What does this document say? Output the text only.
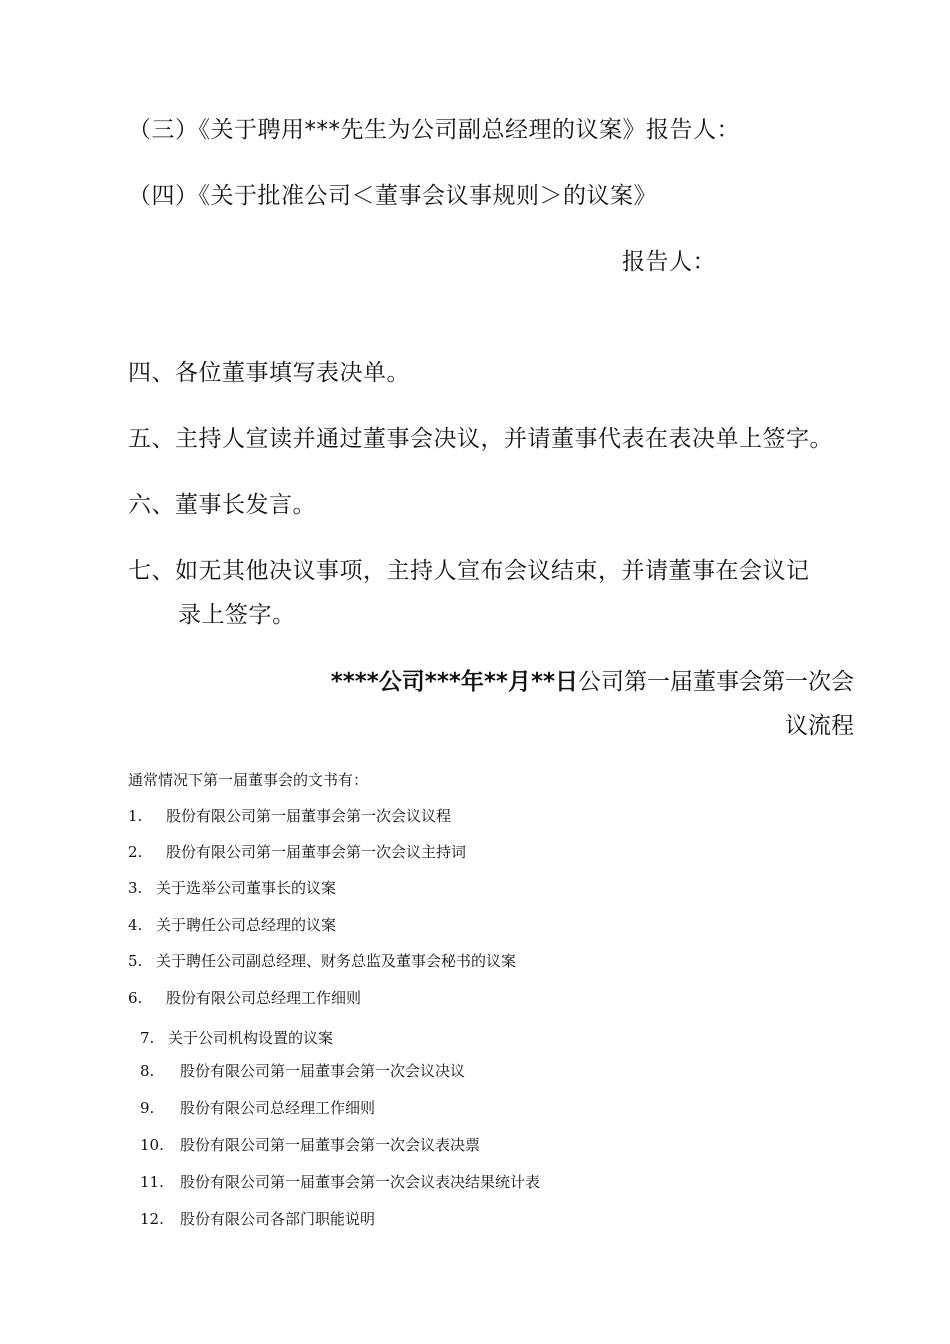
（三）《关于聘用***先生为公司副总经理的议案》报告人：
（四）《关于批准公司＜董事会议事规则＞的议案》
报告人：
四、各位董事填写表决单。
五、主持人宣读并通过董事会决议，并请董事代表在表决单上签字。
六、董事长发言。
七、如无其他决议事项，主持人宣布会议结束，并请董事在会议记
录上签字。
****公司***年**月**日公司第一届董事会第一次会
议流程
通常情况下第一届董事会的文书有：
1. 股份有限公司第一届董事会第一次会议议程
2. 股份有限公司第一届董事会第一次会议主持词
3. 关于选举公司董事长的议案
4. 关于聘任公司总经理的议案
5. 关于聘任公司副总经理、财务总监及董事会秘书的议案
6. 股份有限公司总经理工作细则
7. 关于公司机构设置的议案
8. 股份有限公司第一届董事会第一次会议决议
9. 股份有限公司总经理工作细则
10. 股份有限公司第一届董事会第一次会议表决票
11. 股份有限公司第一届董事会第一次会议表决结果统计表
12. 股份有限公司各部门职能说明
